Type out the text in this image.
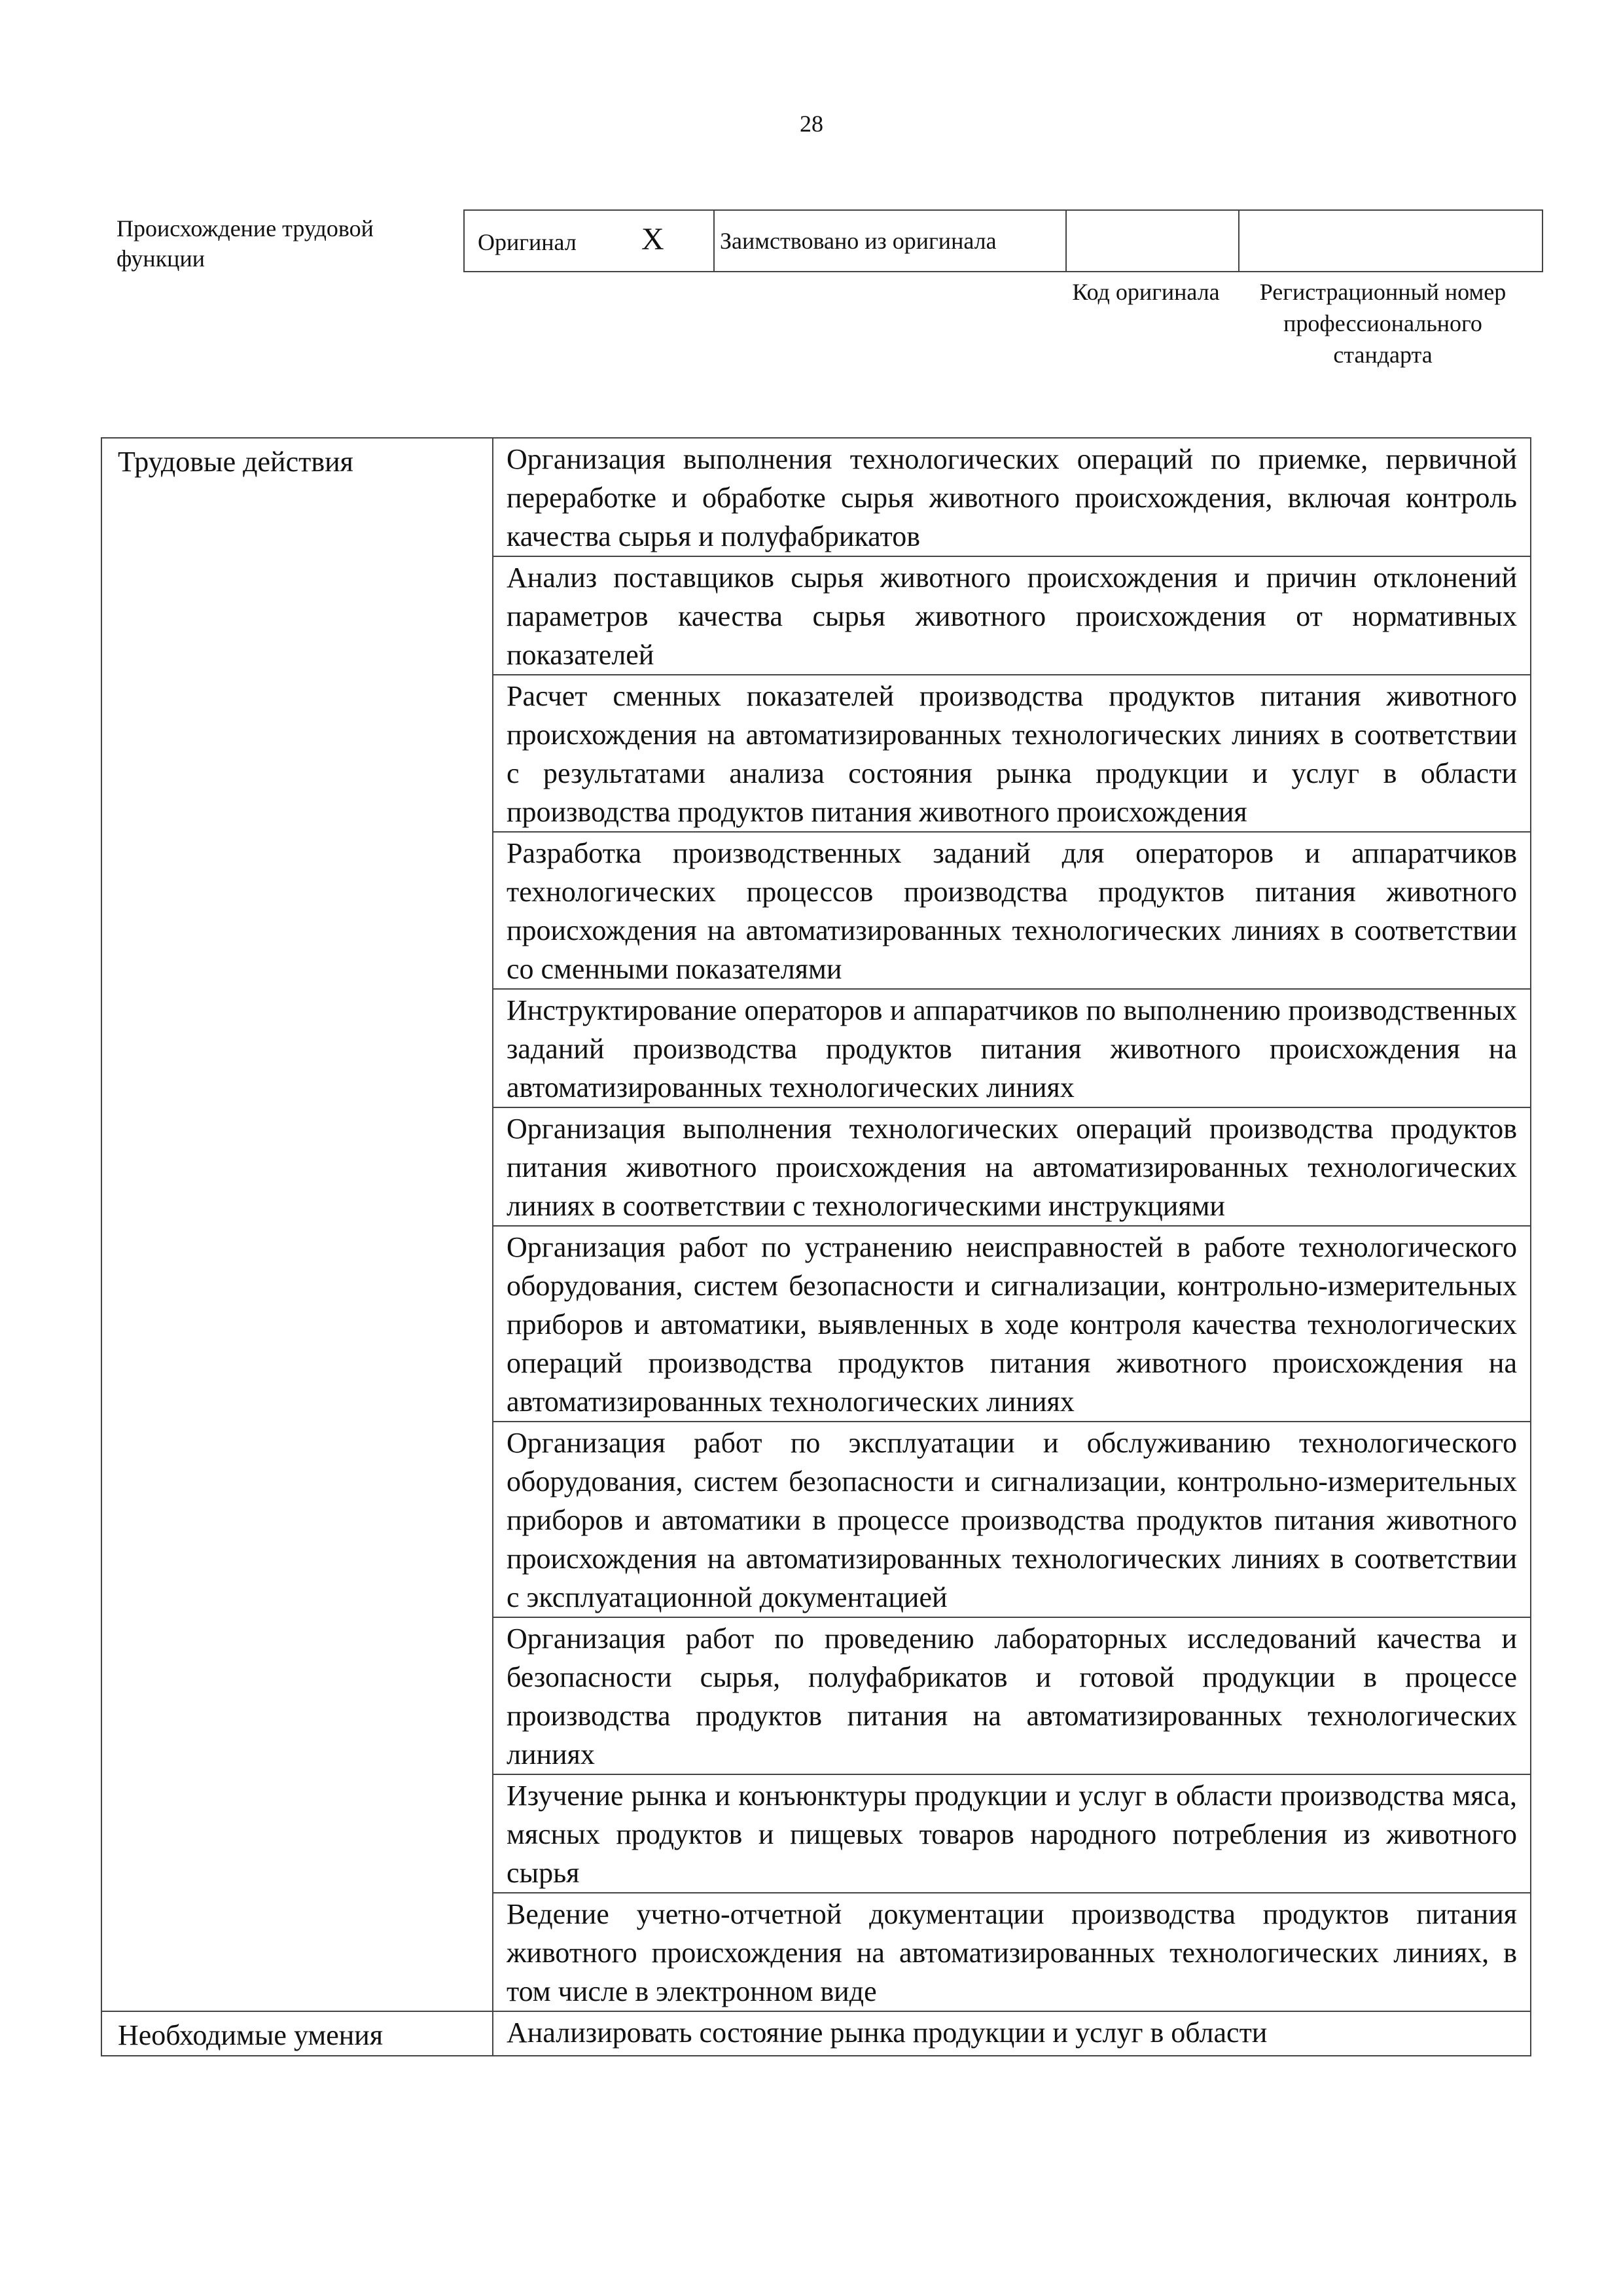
28
Происхождение трудовой функции
Оригинал X	Заимствовано из оригинала		
Код оригинала	Регистрационный номер профессионального стандарта
Трудовые действия	Организация выполнения технологических операций по приемке, первичной переработке и обработке сырья животного происхождения, включая контроль качества сырья и полуфабрикатов
	Анализ поставщиков сырья животного происхождения и причин отклонений параметров качества сырья животного происхождения от нормативных показателей
	Расчет сменных показателей производства продуктов питания животного происхождения на автоматизированных технологических линиях в соответствии с результатами анализа состояния рынка продукции и услуг в области производства продуктов питания животного происхождения
	Разработка производственных заданий для операторов и аппаратчиков технологических процессов производства продуктов питания животного происхождения на автоматизированных технологических линиях в соответствии со сменными показателями
	Инструктирование операторов и аппаратчиков по выполнению производственных заданий производства продуктов питания животного происхождения на автоматизированных технологических линиях
	Организация выполнения технологических операций производства продуктов питания животного происхождения на автоматизированных технологических линиях в соответствии с технологическими инструкциями
	Организация работ по устранению неисправностей в работе технологического оборудования, систем безопасности и сигнализации, контрольно-измерительных приборов и автоматики, выявленных в ходе контроля качества технологических операций производства продуктов питания животного происхождения на автоматизированных технологических линиях
	Организация работ по эксплуатации и обслуживанию технологического оборудования, систем безопасности и сигнализации, контрольно-измерительных приборов и автоматики в процессе производства продуктов питания животного происхождения на автоматизированных технологических линиях в соответствии с эксплуатационной документацией
	Организация работ по проведению лабораторных исследований качества и безопасности сырья, полуфабрикатов и готовой продукции в процессе производства продуктов питания на автоматизированных технологических линиях
	Изучение рынка и конъюнктуры продукции и услуг в области производства мяса, мясных продуктов и пищевых товаров народного потребления из животного сырья
	Ведение учетно-отчетной документации производства продуктов питания животного происхождения на автоматизированных технологических линиях, в том числе в электронном виде
Необходимые умения	Анализировать состояние рынка продукции и услуг в области
